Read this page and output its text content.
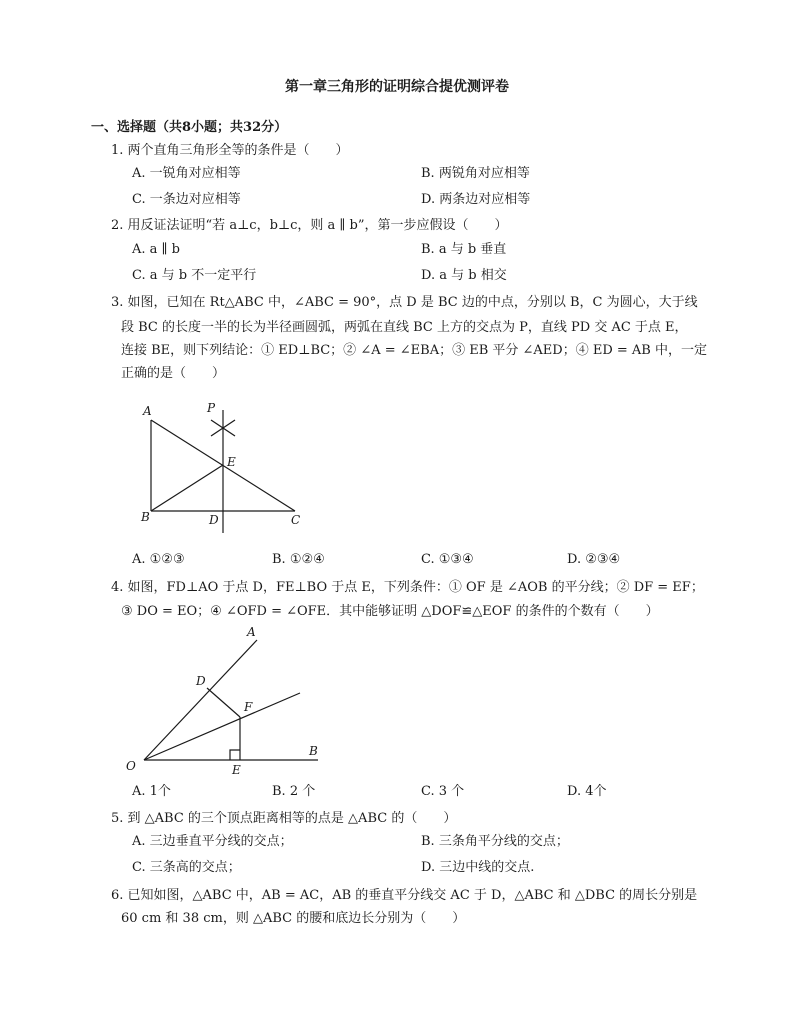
第一章三角形的证明综合提优测评卷
一、选择题（共8小题；共32分）
1. 两个直角三角形全等的条件是（　　）
A. 一锐角对应相等	B. 两锐角对应相等
C. 一条边对应相等	D. 两条边对应相等
2. 用反证法证明“若 a⊥c，b⊥c，则 a ∥ b”，第一步应假设（　　）
A. a ∥ b	B. a 与 b 垂直
C. a 与 b 不一定平行	D. a 与 b 相交
3. 如图，已知在 Rt△ABC 中，∠ABC = 90°，点 D 是 BC 边的中点，分别以 B，C 为圆心，大于线
段 BC 的长度一半的长为半径画圆弧，两弧在直线 BC 上方的交点为 P，直线 PD 交 AC 于点 E，
连接 BE，则下列结论：① ED⊥BC；② ∠A = ∠EBA；③ EB 平分 ∠AED；④ ED = AB 中，一定
正确的是（　　）
A	P
E
B	D	C
A. ①②③	B. ①②④	C. ①③④	D. ②③④
4. 如图，FD⊥AO 于点 D，FE⊥BO 于点 E，下列条件：① OF 是 ∠AOB 的平分线；② DF = EF；
③ DO = EO；④ ∠OFD = ∠OFE．其中能够证明 △DOF≌△EOF 的条件的个数有（　　）
A
D
F
B
O	E
A. 1个	B. 2 个	C. 3 个	D. 4个
5. 到 △ABC 的三个顶点距离相等的点是 △ABC 的（　　）
A. 三边垂直平分线的交点；	B. 三条角平分线的交点；
C. 三条高的交点；	D. 三边中线的交点.
6. 已知如图，△ABC 中，AB = AC，AB 的垂直平分线交 AC 于 D，△ABC 和 △DBC 的周长分别是
60 cm 和 38 cm，则 △ABC 的腰和底边长分别为（　　）
